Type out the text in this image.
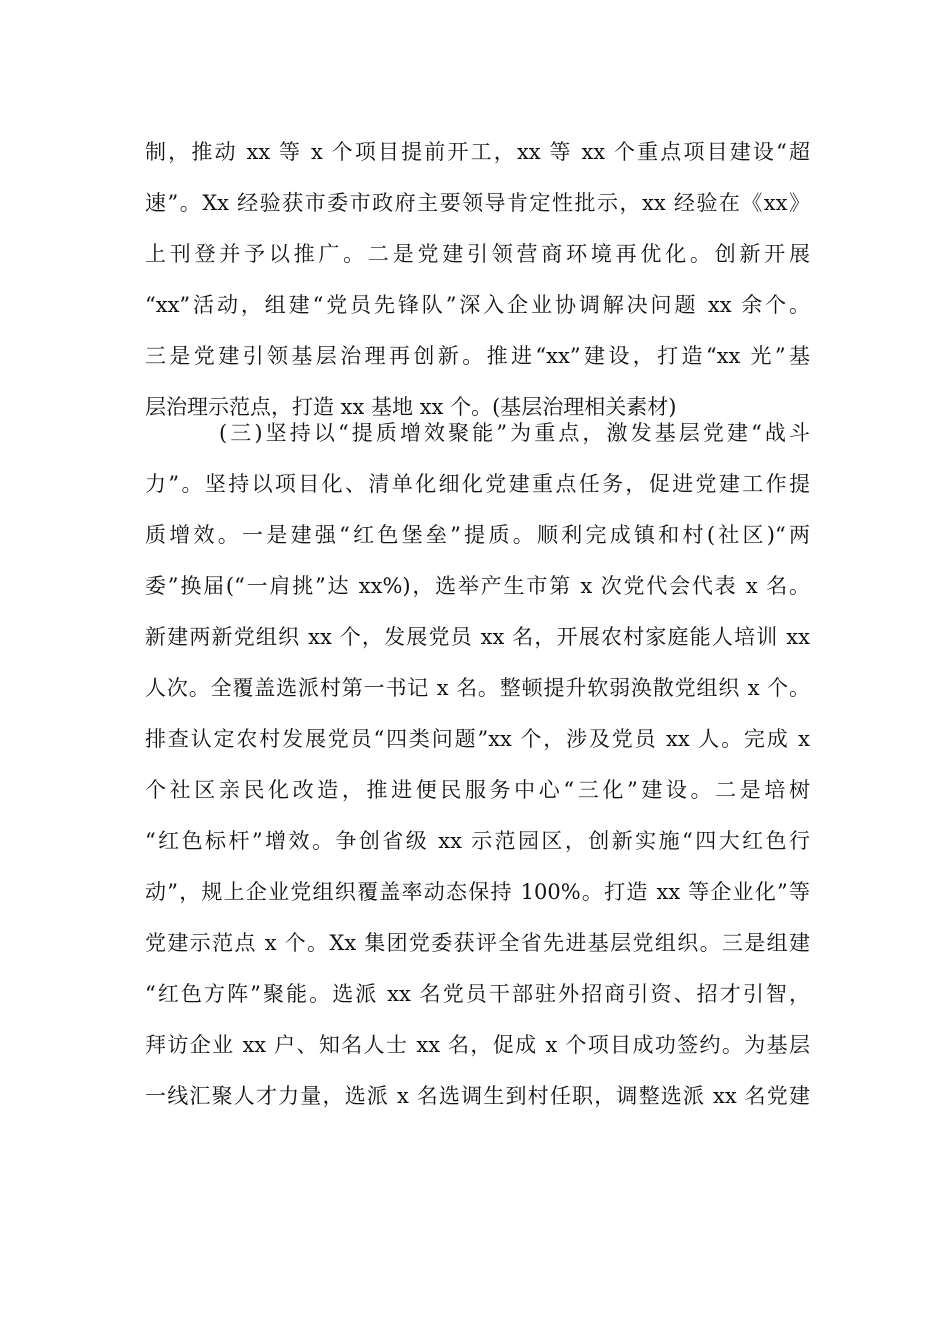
制，推动 xx 等 x 个项目提前开工，xx 等 xx 个重点项目建设“超
速”。Xx 经验获市委市政府主要领导肯定性批示，xx 经验在《xx》
上刊登并予以推广。二是党建引领营商环境再优化。创新开展
“xx”活动，组建“党员先锋队”深入企业协调解决问题 xx 余个。
三是党建引领基层治理再创新。推进“xx”建设，打造“xx 光”基
层治理示范点，打造 xx 基地 xx 个。(基层治理相关素材)
(三)坚持以“提质增效聚能”为重点，激发基层党建“战斗
力”。坚持以项目化、清单化细化党建重点任务，促进党建工作提
质增效。一是建强“红色堡垒”提质。顺利完成镇和村(社区)“两
委”换届(“一肩挑”达 xx%)，选举产生市第 x 次党代会代表 x 名。
新建两新党组织 xx 个，发展党员 xx 名，开展农村家庭能人培训 xx
人次。全覆盖选派村第一书记 x 名。整顿提升软弱涣散党组织 x 个。
排查认定农村发展党员“四类问题”xx 个，涉及党员 xx 人。完成 x
个社区亲民化改造，推进便民服务中心“三化”建设。二是培树
“红色标杆”增效。争创省级 xx 示范园区，创新实施“四大红色行
动”，规上企业党组织覆盖率动态保持 100%。打造 xx 等企业化”等
党建示范点 x 个。Xx 集团党委获评全省先进基层党组织。三是组建
“红色方阵”聚能。选派 xx 名党员干部驻外招商引资、招才引智，
拜访企业 xx 户、知名人士 xx 名，促成 x 个项目成功签约。为基层
一线汇聚人才力量，选派 x 名选调生到村任职，调整选派 xx 名党建
